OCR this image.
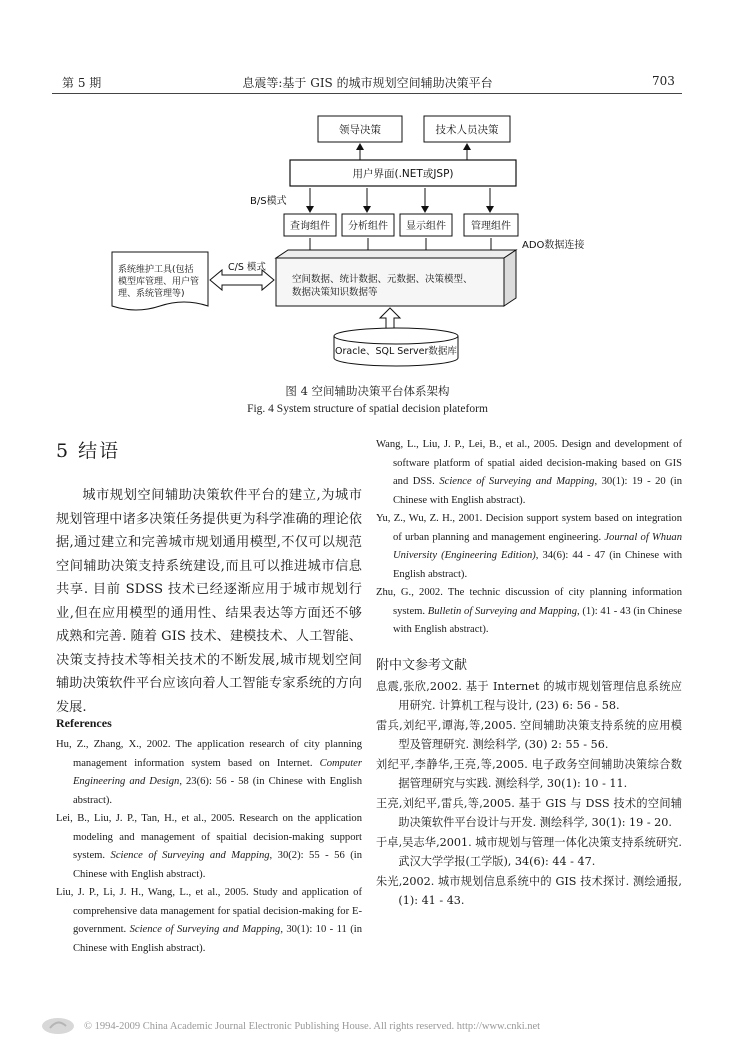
第 5 期	息震等:基于 GIS 的城市规划空间辅助决策平台	703
领导决策	技术人员决策
用户界面(.NET或JSP)
B/S模式
查询组件 分析组件 显示组件	管理组件
ADO数据连接
空间数据、统计数据、元数据、决策模型、
数据决策知识数据等
系统维护工具(包括
模型库管理、用户管
理、系统管理等)
C/S 模式
Oracle、SQL Server数据库
图 4 空间辅助决策平台体系架构
Fig. 4 System structure of spatial decision plateform
5 结语
城市规划空间辅助决策软件平台的建立,为城市规划管理中诸多决策任务提供更为科学准确的理论依据,通过建立和完善城市规划通用模型,不仅可以规范空间辅助决策支持系统建设,而且可以推进城市信息共享. 目前 SDSS 技术已经逐渐应用于城市规划行业,但在应用模型的通用性、结果表达等方面还不够成熟和完善. 随着 GIS 技术、建模技术、人工智能、决策支持技术等相关技术的不断发展,城市规划空间辅助决策软件平台应该向着人工智能专家系统的方向发展.
References
Hu, Z., Zhang, X., 2002. The application research of city planning management information system based on Internet. Computer Engineering and Design, 23(6): 56 - 58 (in Chinese with English abstract).
Lei, B., Liu, J. P., Tan, H., et al., 2005. Research on the application modeling and management of spaitial decision-making support system. Science of Surveying and Mapping, 30(2): 55 - 56 (in Chinese with English abstract).
Liu, J. P., Li, J. H., Wang, L., et al., 2005. Study and application of comprehensive data management for spatial decision-making for E-government. Science of Surveying and Mapping, 30(1): 10 - 11 (in Chinese with English abstract).
Wang, L., Liu, J. P., Lei, B., et al., 2005. Design and development of software platform of spatial aided decision-making based on GIS and DSS. Science of Surveying and Mapping, 30(1): 19 - 20 (in Chinese with English abstract).
Yu, Z., Wu, Z. H., 2001. Decision support system based on integration of urban planning and management engineering. Journal of Whuan University (Engineering Edition), 34(6): 44 - 47 (in Chinese with English abstract).
Zhu, G., 2002. The technic discussion of city planning information system. Bulletin of Surveying and Mapping, (1): 41 - 43 (in Chinese with English abstract).
附中文参考文献
息震,张欣,2002. 基于 Internet 的城市规划管理信息系统应用研究. 计算机工程与设计, (23) 6: 56 - 58.
雷兵,刘纪平,谭海,等,2005. 空间辅助决策支持系统的应用模型及管理研究. 测绘科学, (30) 2: 55 - 56.
刘纪平,李静华,王亮,等,2005. 电子政务空间辅助决策综合数据管理研究与实践. 测绘科学, 30(1): 10 - 11.
王亮,刘纪平,雷兵,等,2005. 基于 GIS 与 DSS 技术的空间辅助决策软件平台设计与开发. 测绘科学, 30(1): 19 - 20.
于卓,吴志华,2001. 城市规划与管理一体化决策支持系统研究. 武汉大学学报(工学版), 34(6): 44 - 47.
朱光,2002. 城市规划信息系统中的 GIS 技术探讨. 测绘通报, (1): 41 - 43.
© 1994-2009 China Academic Journal Electronic Publishing House. All rights reserved. http://www.cnki.net
